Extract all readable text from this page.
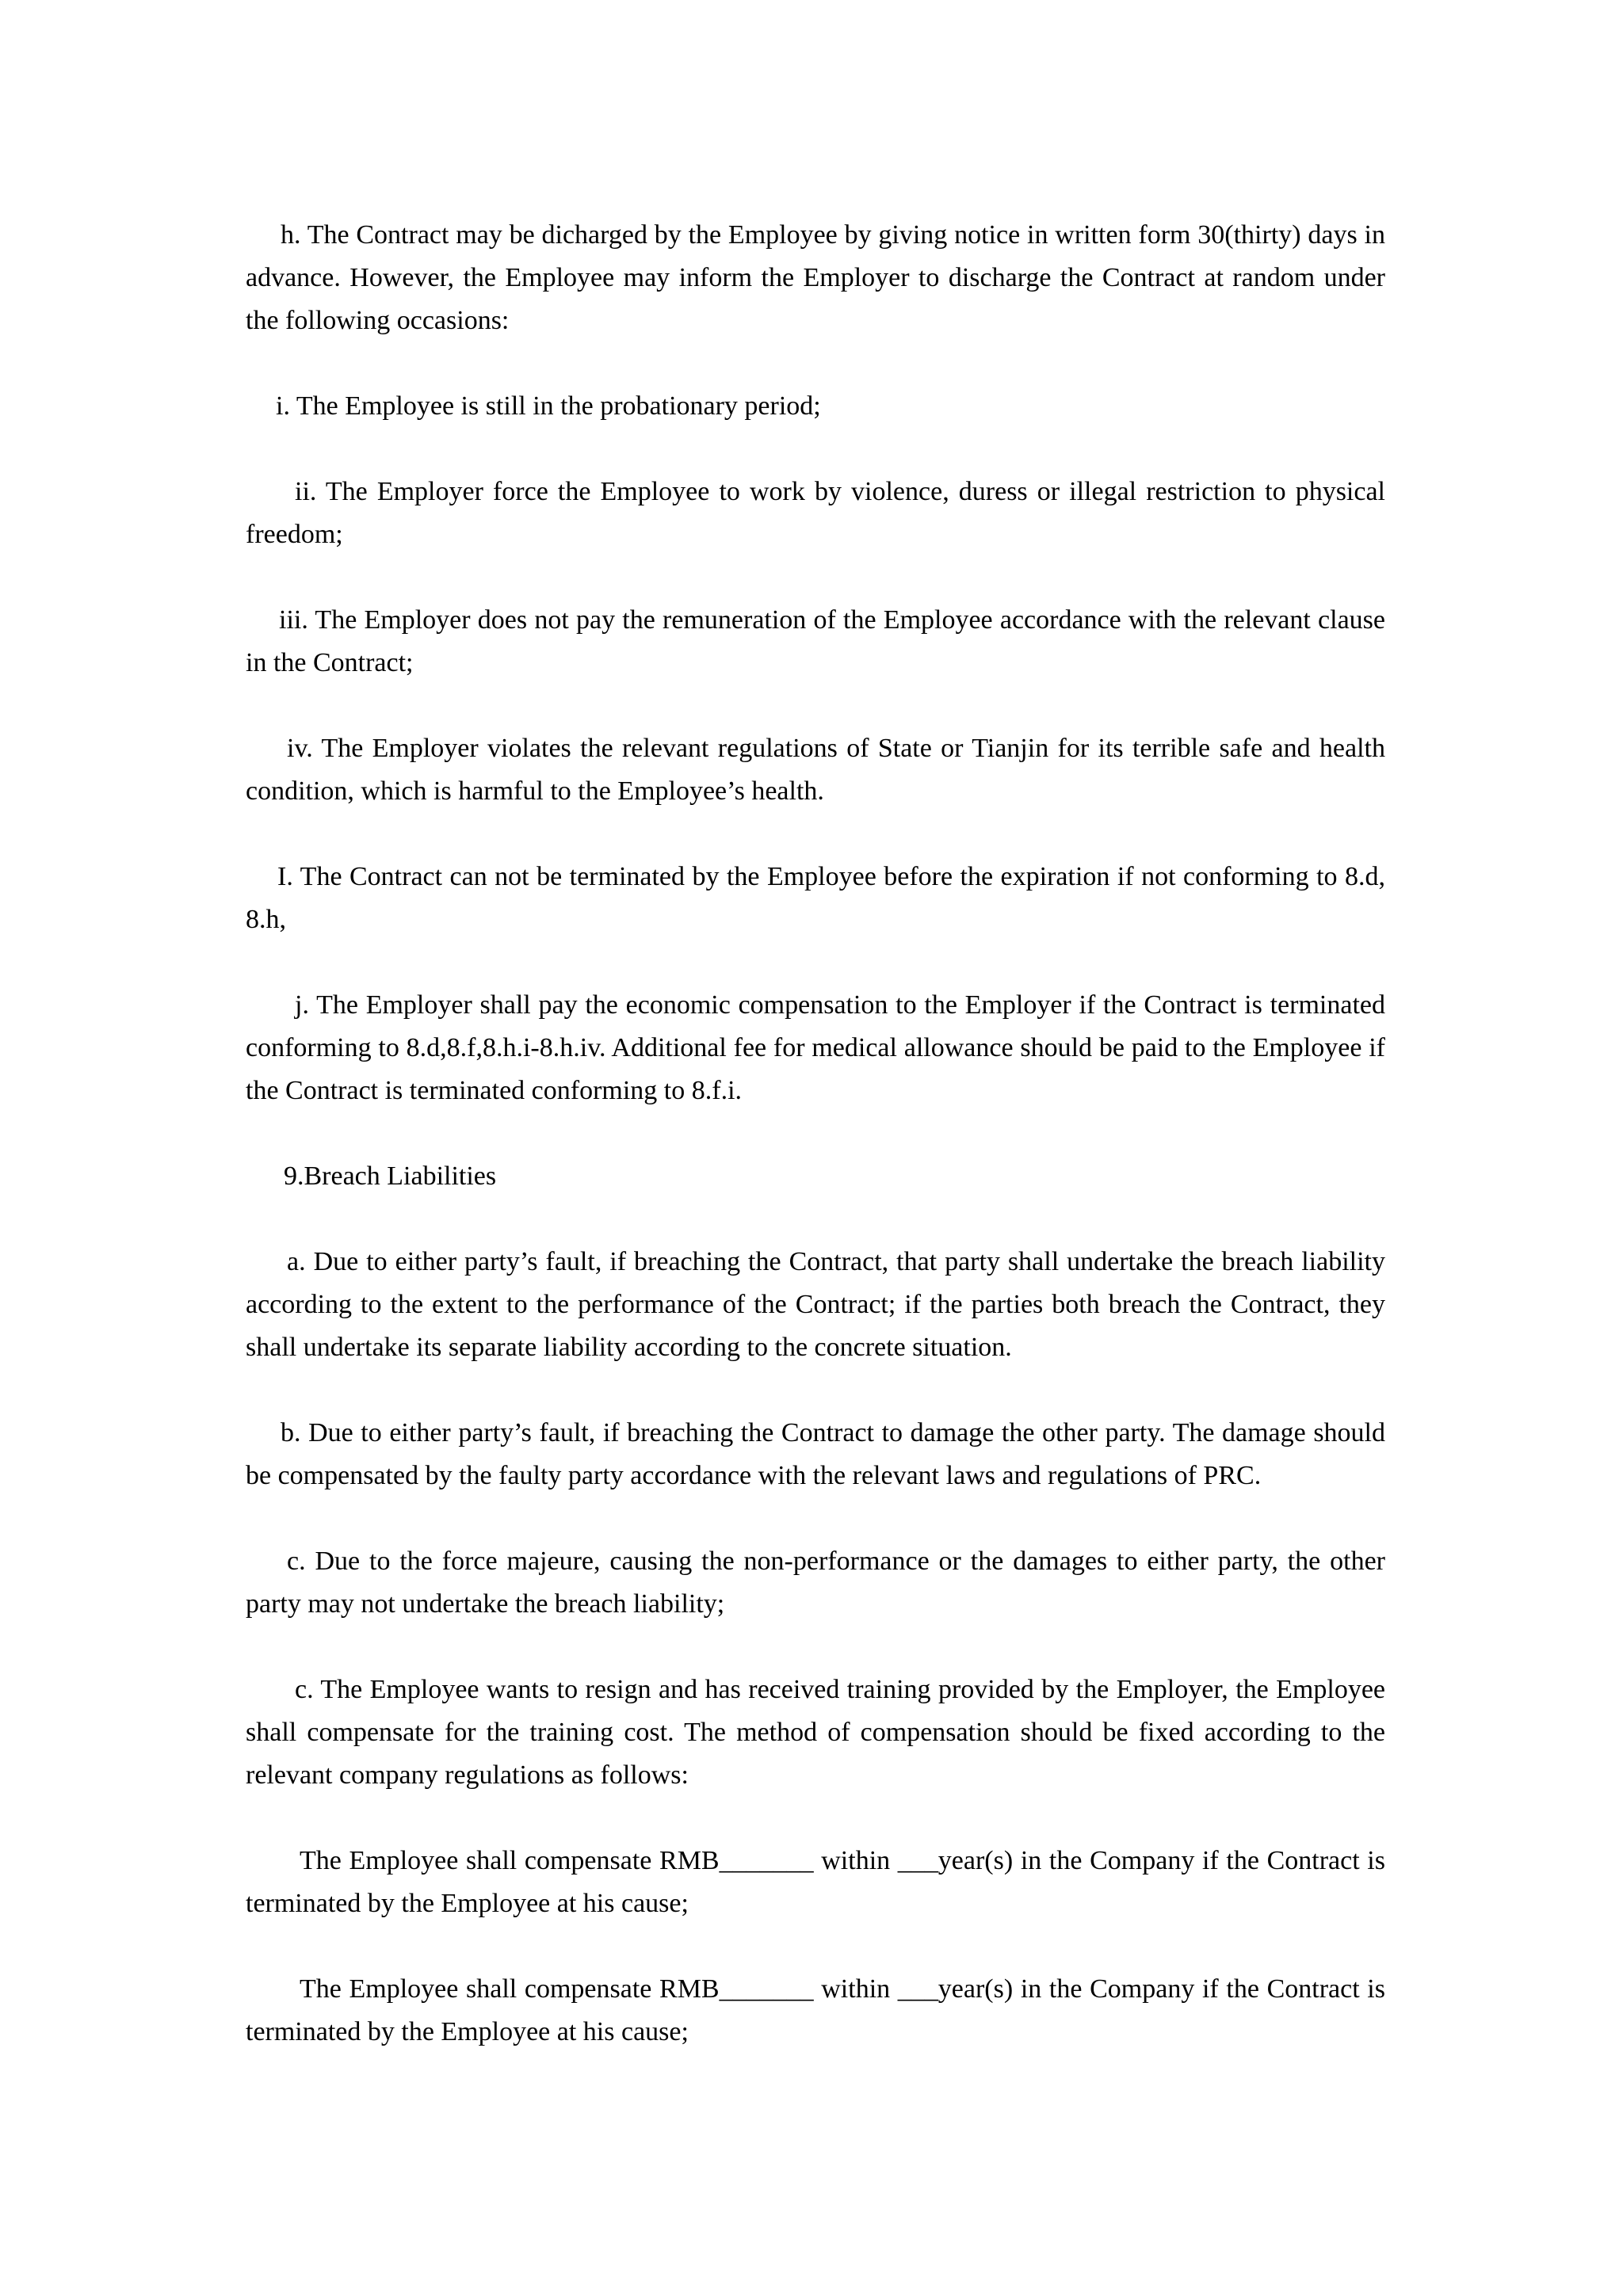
h. The Contract may be dicharged by the Employee by giving notice in written form 30(thirty) days in advance. However, the Employee may inform the Employer to discharge the Contract at random under the following occasions:

i. The Employee is still in the probationary period;

ii. The Employer force the Employee to work by violence, duress or illegal restriction to physical freedom;

iii. The Employer does not pay the remuneration of the Employee accordance with the relevant clause in the Contract;

iv. The Employer violates the relevant regulations of State or Tianjin for its terrible safe and health condition, which is harmful to the Employee’s health.

I. The Contract can not be terminated by the Employee before the expiration if not conforming to 8.d, 8.h,

j. The Employer shall pay the economic compensation to the Employer if the Contract is terminated conforming to 8.d,8.f,8.h.i-8.h.iv. Additional fee for medical allowance should be paid to the Employee if the Contract is terminated conforming to 8.f.i.

9.Breach Liabilities

a. Due to either party’s fault, if breaching the Contract, that party shall undertake the breach liability according to the extent to the performance of the Contract; if the parties both breach the Contract, they shall undertake its separate liability according to the concrete situation.

b. Due to either party’s fault, if breaching the Contract to damage the other party. The damage should be compensated by the faulty party accordance with the relevant laws and regulations of PRC.

c. Due to the force majeure, causing the non-performance or the damages to either party, the other party may not undertake the breach liability;

c. The Employee wants to resign and has received training provided by the Employer, the Employee shall compensate for the training cost. The method of compensation should be fixed according to the relevant company regulations as follows:

The Employee shall compensate RMB_______ within ___year(s) in the Company if the Contract is terminated by the Employee at his cause;

The Employee shall compensate RMB_______ within ___year(s) in the Company if the Contract is terminated by the Employee at his cause;
